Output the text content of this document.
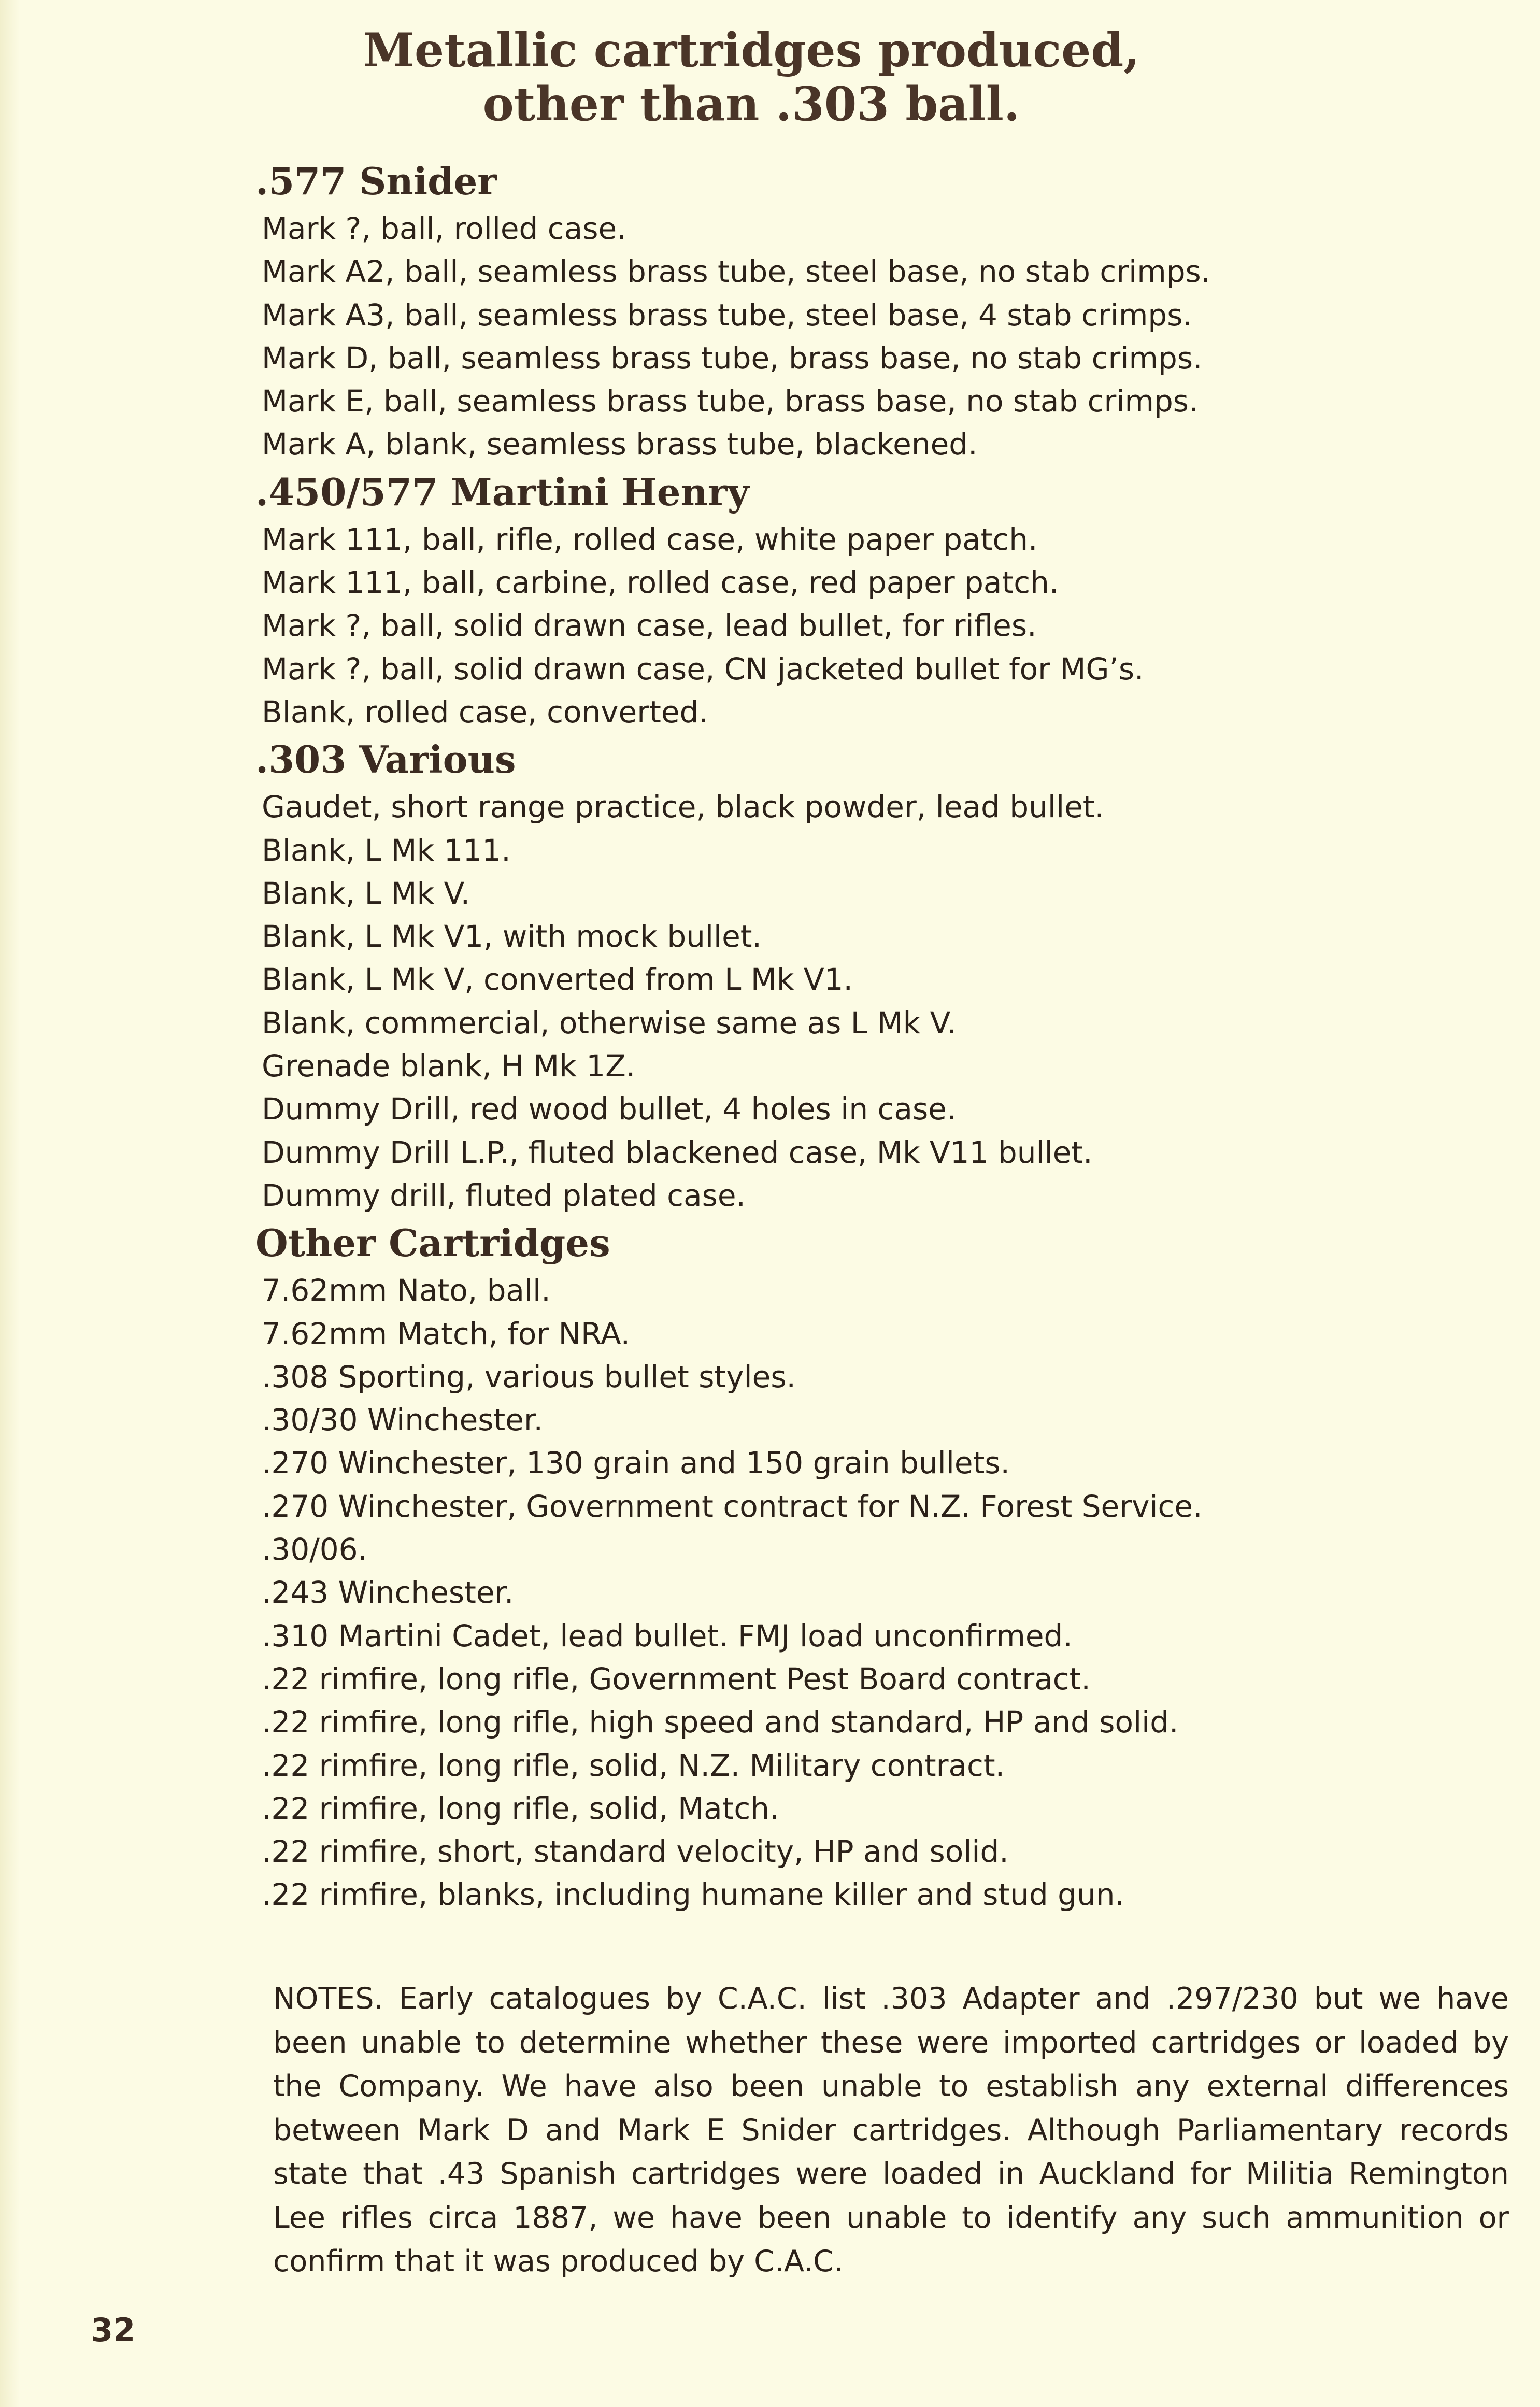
Metallic cartridges produced,
other than .303 ball.
.577 Snider
Mark ?, ball, rolled case.
Mark A2, ball, seamless brass tube, steel base, no stab crimps.
Mark A3, ball, seamless brass tube, steel base, 4 stab crimps.
Mark D, ball, seamless brass tube, brass base, no stab crimps.
Mark E, ball, seamless brass tube, brass base, no stab crimps.
Mark A, blank, seamless brass tube, blackened.
.450/577 Martini Henry
Mark 111, ball, rifle, rolled case, white paper patch.
Mark 111, ball, carbine, rolled case, red paper patch.
Mark ?, ball, solid drawn case, lead bullet, for rifles.
Mark ?, ball, solid drawn case, CN jacketed bullet for MG’s.
Blank, rolled case, converted.
.303 Various
Gaudet, short range practice, black powder, lead bullet.
Blank, L Mk 111.
Blank, L Mk V.
Blank, L Mk V1, with mock bullet.
Blank, L Mk V, converted from L Mk V1.
Blank, commercial, otherwise same as L Mk V.
Grenade blank, H Mk 1Z.
Dummy Drill, red wood bullet, 4 holes in case.
Dummy Drill L.P., fluted blackened case, Mk V11 bullet.
Dummy drill, fluted plated case.
Other Cartridges
7.62mm Nato, ball.
7.62mm Match, for NRA.
.308 Sporting, various bullet styles.
.30/30 Winchester.
.270 Winchester, 130 grain and 150 grain bullets.
.270 Winchester, Government contract for N.Z. Forest Service.
.30/06.
.243 Winchester.
.310 Martini Cadet, lead bullet. FMJ load unconfirmed.
.22 rimfire, long rifle, Government Pest Board contract.
.22 rimfire, long rifle, high speed and standard, HP and solid.
.22 rimfire, long rifle, solid, N.Z. Military contract.
.22 rimfire, long rifle, solid, Match.
.22 rimfire, short, standard velocity, HP and solid.
.22 rimfire, blanks, including humane killer and stud gun.
NOTES. Early catalogues by C.A.C. list .303 Adapter and .297/230 but we have been unable to determine whether these were imported cartridges or loaded by the Company. We have also been unable to establish any external differences between Mark D and Mark E Snider cartridges. Although Parliamentary records state that .43 Spanish cartridges were loaded in Auckland for Militia Remington Lee rifles circa 1887, we have been unable to identify any such ammunition or confirm that it was produced by C.A.C.
32
